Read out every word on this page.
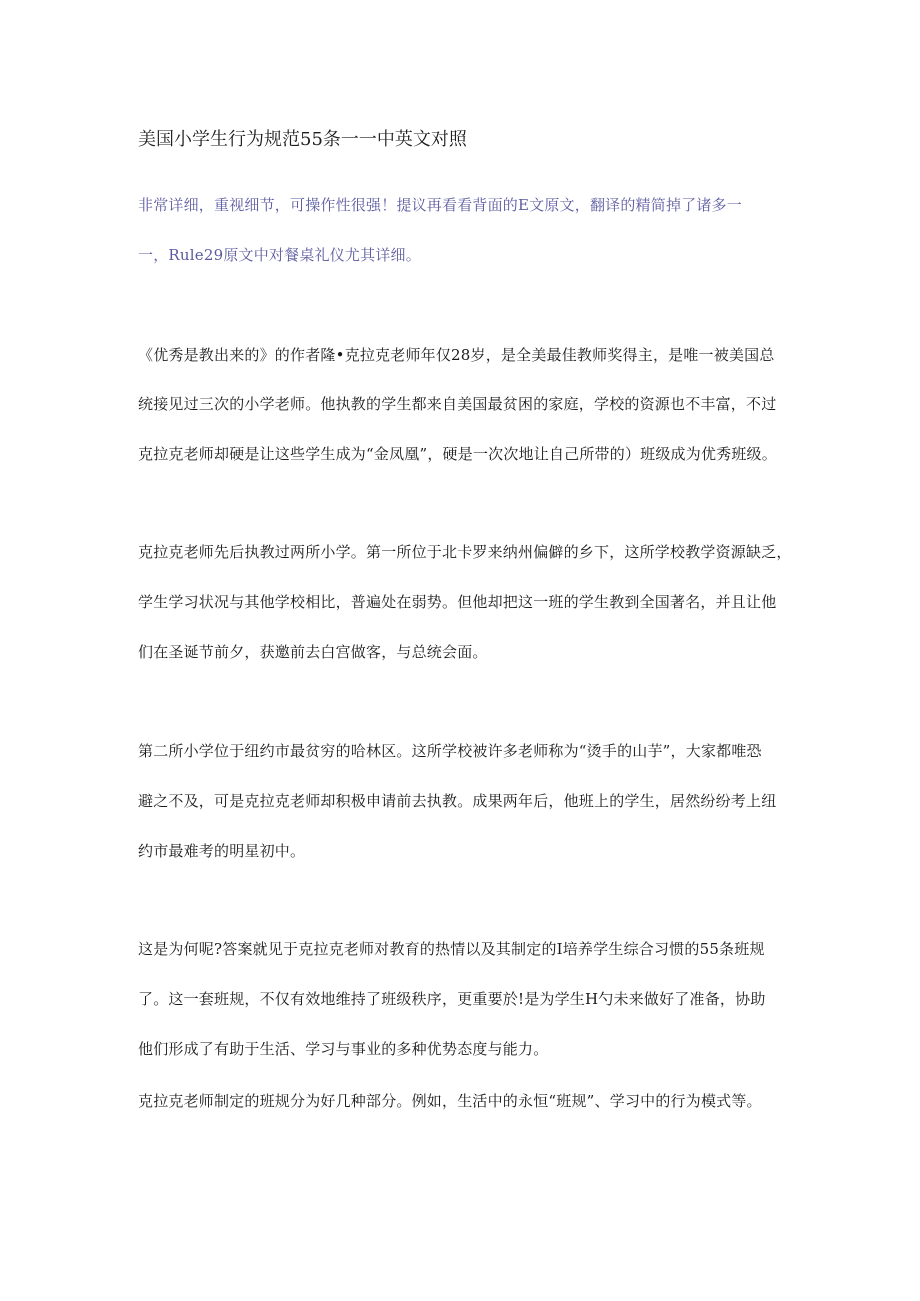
美国小学生行为规范55条一一中英文对照
非常详细，重视细节，可操作性很强！提议再看看背面的E文原文，翻译的精简掉了诸多一
一，Rule29原文中对餐桌礼仪尤其详细。
《优秀是教出来的》的作者隆•克拉克老师年仅28岁，是全美最佳教师奖得主，是唯一被美国总
统接见过三次的小学老师。他执教的学生都来自美国最贫困的家庭，学校的资源也不丰富，不过
克拉克老师却硬是让这些学生成为“金凤凰”，硬是一次次地让自己所带的）班级成为优秀班级。
克拉克老师先后执教过两所小学。第一所位于北卡罗来纳州偏僻的乡下，这所学校教学资源缺乏，
学生学习状况与其他学校相比，普遍处在弱势。但他却把这一班的学生教到全国著名，并且让他
们在圣诞节前夕，获邀前去白宫做客，与总统会面。
第二所小学位于纽约市最贫穷的哈林区。这所学校被许多老师称为“烫手的山芋”，大家都唯恐
避之不及，可是克拉克老师却积极申请前去执教。成果两年后，他班上的学生，居然纷纷考上纽
约市最难考的明星初中。
这是为何呢?答案就见于克拉克老师对教育的热情以及其制定的I培养学生综合习惯的55条班规
了。这一套班规，不仅有效地维持了班级秩序，更重要於!是为学生H勺未来做好了准备，协助
他们形成了有助于生活、学习与事业的多种优势态度与能力。
克拉克老师制定的班规分为好几种部分。例如，生活中的永恒“班规”、学习中的行为模式等。
